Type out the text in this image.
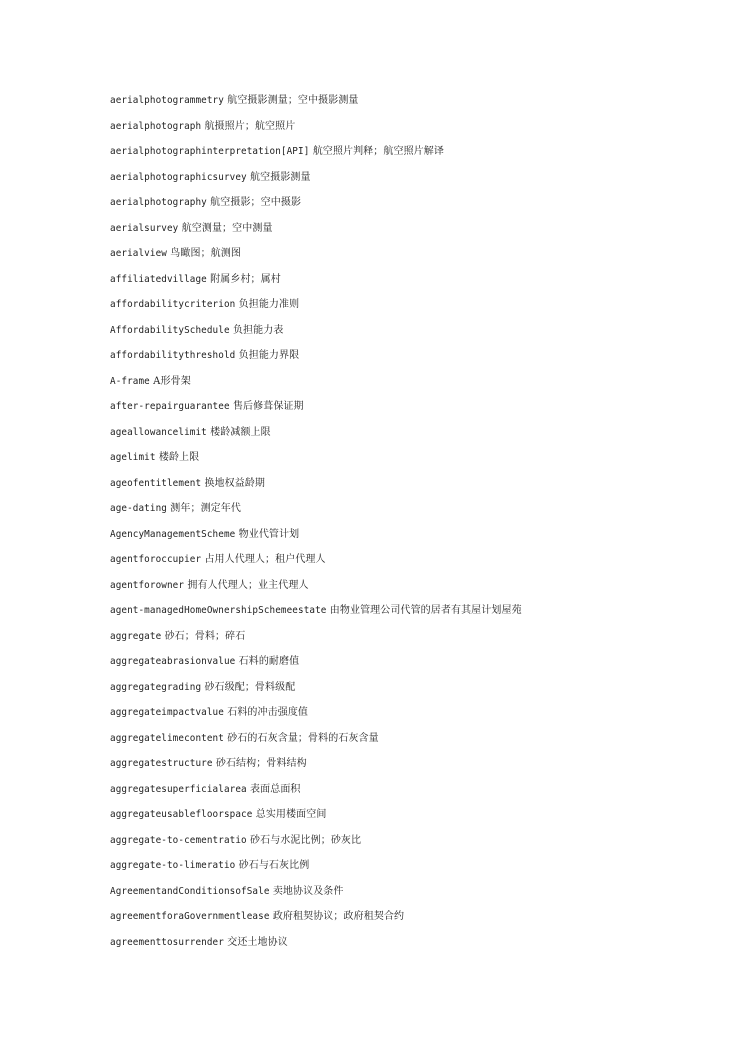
aerialphotogrammetry 航空摄影测量；空中摄影测量
aerialphotograph 航摄照片；航空照片
aerialphotographinterpretation[API] 航空照片判释；航空照片解译
aerialphotographicsurvey 航空摄影测量
aerialphotography 航空摄影；空中摄影
aerialsurvey 航空测量；空中测量
aerialview 鸟瞰图；航测图
affiliatedvillage 附属乡村；属村
affordabilitycriterion 负担能力准则
AffordabilitySchedule 负担能力表
affordabilitythreshold 负担能力界限
A-frame A形骨架
after-repairguarantee 售后修葺保证期
ageallowancelimit 楼龄减额上限
agelimit 楼龄上限
ageofentitlement 换地权益龄期
age-dating 测年；测定年代
AgencyManagementScheme 物业代管计划
agentforoccupier 占用人代理人；租户代理人
agentforowner 拥有人代理人；业主代理人
agent-managedHomeOwnershipSchemeestate 由物业管理公司代管的居者有其屋计划屋苑
aggregate 砂石；骨料；碎石
aggregateabrasionvalue 石料的耐磨值
aggregategrading 砂石级配；骨料级配
aggregateimpactvalue 石料的冲击强度值
aggregatelimecontent 砂石的石灰含量；骨料的石灰含量
aggregatestructure 砂石结构；骨料结构
aggregatesuperficialarea 表面总面积
aggregateusablefloorspace 总实用楼面空间
aggregate-to-cementratio 砂石与水泥比例；砂灰比
aggregate-to-limeratio 砂石与石灰比例
AgreementandConditionsofSale 卖地协议及条件
agreementforaGovernmentlease 政府租契协议；政府租契合约
agreementtosurrender 交还土地协议
